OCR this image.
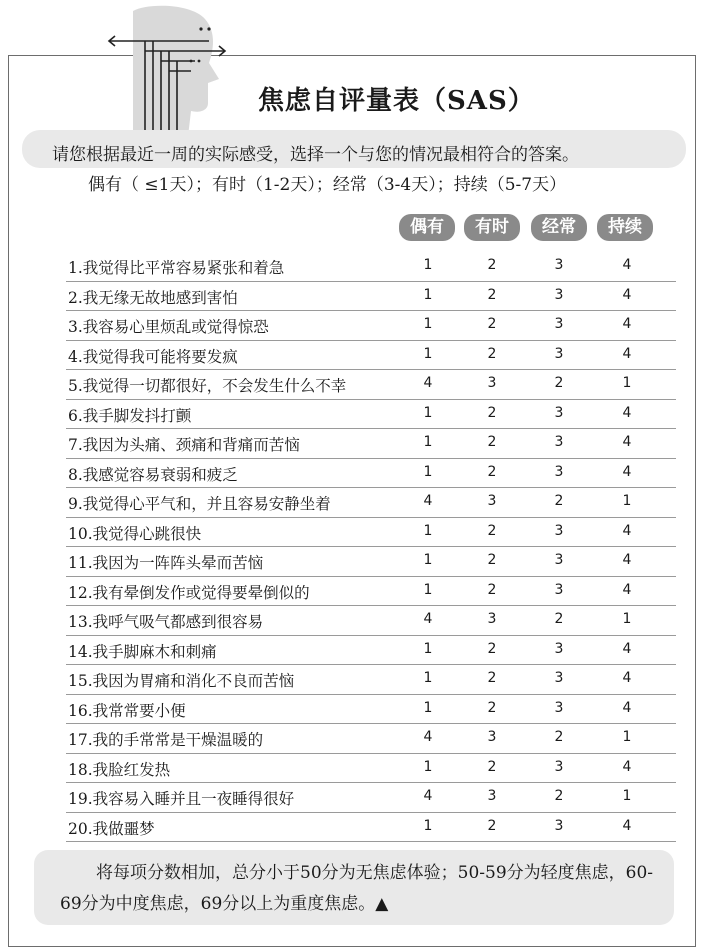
焦虑自评量表（SAS）
请您根据最近一周的实际感受，选择一个与您的情况最相符合的答案。
偶有（ ≤1天）；有时（1-2天）；经常（3-4天）；持续（5-7天）
偶有	有时	经常	持续
1.我觉得比平常容易紧张和着急	1	2	3	4
2.我无缘无故地感到害怕	1	2	3	4
3.我容易心里烦乱或觉得惊恐	1	2	3	4
4.我觉得我可能将要发疯	1	2	3	4
5.我觉得一切都很好，不会发生什么不幸	4	3	2	1
6.我手脚发抖打颤	1	2	3	4
7.我因为头痛、颈痛和背痛而苦恼	1	2	3	4
8.我感觉容易衰弱和疲乏	1	2	3	4
9.我觉得心平气和，并且容易安静坐着	4	3	2	1
10.我觉得心跳很快	1	2	3	4
11.我因为一阵阵头晕而苦恼	1	2	3	4
12.我有晕倒发作或觉得要晕倒似的	1	2	3	4
13.我呼气吸气都感到很容易	4	3	2	1
14.我手脚麻木和刺痛	1	2	3	4
15.我因为胃痛和消化不良而苦恼	1	2	3	4
16.我常常要小便	1	2	3	4
17.我的手常常是干燥温暖的	4	3	2	1
18.我脸红发热	1	2	3	4
19.我容易入睡并且一夜睡得很好	4	3	2	1
20.我做噩梦	1	2	3	4
将每项分数相加，总分小于50分为无焦虑体验；50-59分为轻度焦虑，60-69分为中度焦虑，69分以上为重度焦虑。▲
